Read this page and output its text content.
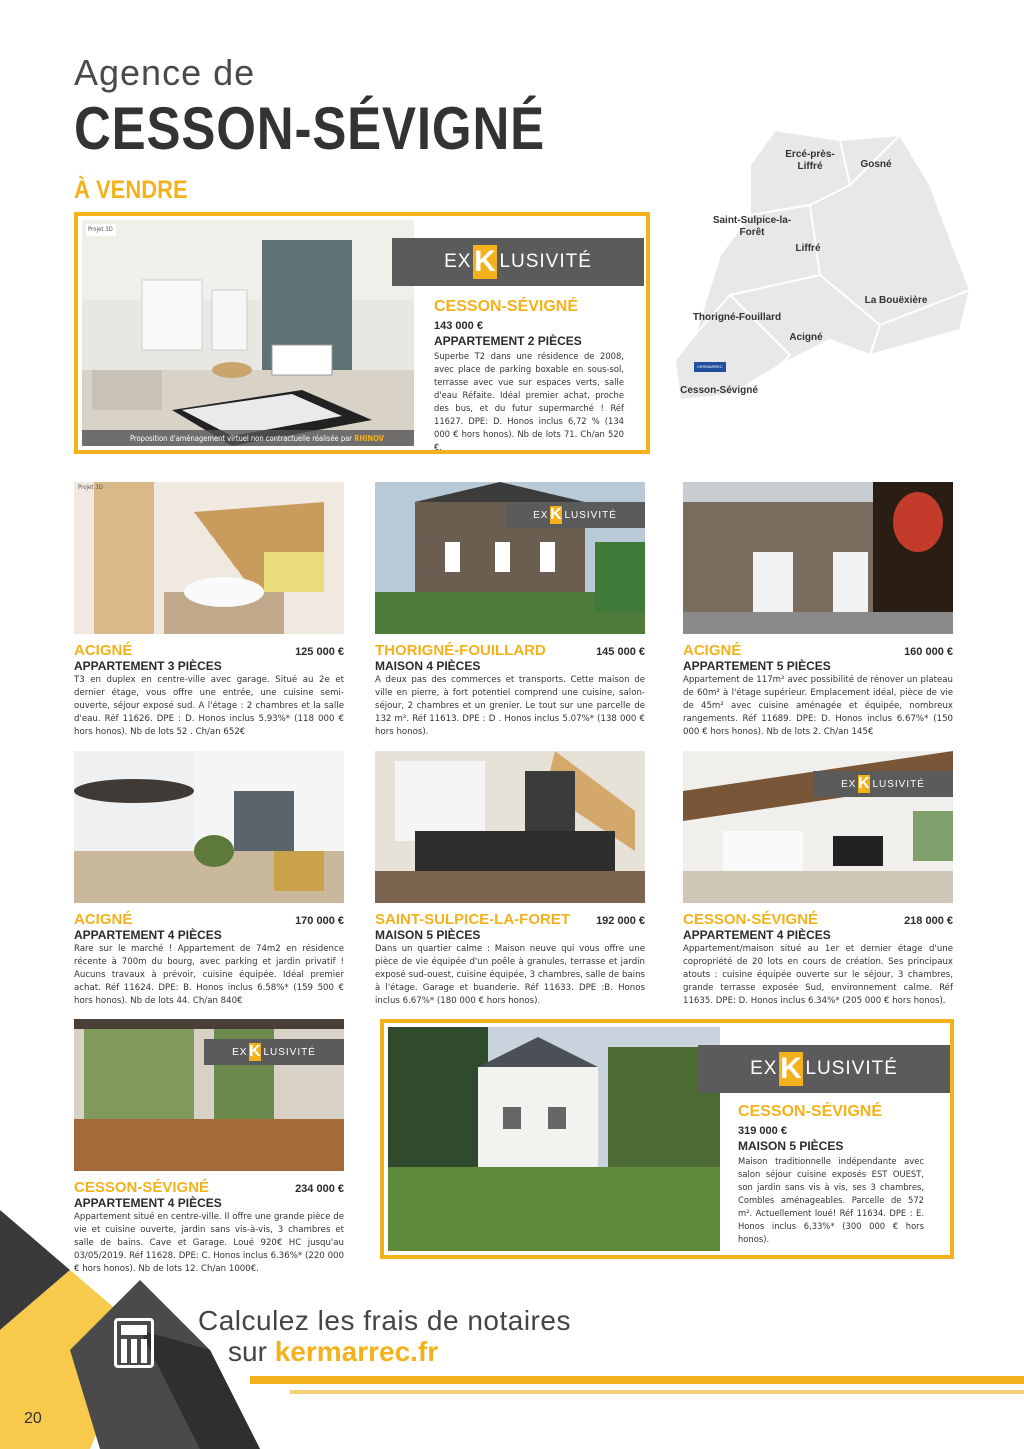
Agence de
CESSON-SÉVIGNÉ
À VENDRE
Projet 3D
Proposition d'aménagement virtuel non contractuelle réalisée par RHINOV
EX K LUSIVITÉ
CESSON-SÉVIGNÉ
143 000 €
APPARTEMENT 2 PIÈCES
Superbe T2 dans une résidence de 2008, avec place de parking boxable en sous-sol, terrasse avec vue sur espaces verts, salle d'eau Réfaite. Idéal premier achat, proche des bus, et du futur supermarché ! Réf 11627. DPE: D. Honos inclus 6,72 % (134 000 € hors honos). Nb de lots 71. Ch/an 520 €.
Ercé-près-Liffré	Gosné
Saint-Sulpice-la-Forêt
Liffré
La Bouëxière
Thorigné-Fouillard
Acigné
KERMARREC
Cesson-Sévigné
Projet 3D
ACIGNÉ	125 000 €
APPARTEMENT 3 PIÈCES
T3 en duplex en centre-ville avec garage. Situé au 2e et dernier étage, vous offre une entrée, une cuisine semi-ouverte, séjour exposé sud. A l'étage : 2 chambres et la salle d'eau. Réf 11626. DPE : D. Honos inclus 5.93%* (118 000 € hors honos). Nb de lots 52 . Ch/an 652€
EX K LUSIVITÉ
THORIGNÉ-FOUILLARD	145 000 €
MAISON 4 PIÈCES
A deux pas des commerces et transports. Cette maison de ville en pierre, à fort potentiel comprend une cuisine, salon-séjour, 2 chambres et un grenier. Le tout sur une parcelle de 132 m². Réf 11613. DPE : D . Honos inclus 5.07%* (138 000 € hors honos).
ACIGNÉ	160 000 €
APPARTEMENT 5 PIÈCES
Appartement de 117m² avec possibilité de rénover un plateau de 60m² à l'étage supérieur. Emplacement idéal, pièce de vie de 45m² avec cuisine aménagée et équipée, nombreux rangements. Réf 11689. DPE: D. Honos inclus 6.67%* (150 000 € hors honos). Nb de lots 2. Ch/an 145€
ACIGNÉ	170 000 €
APPARTEMENT 4 PIÈCES
Rare sur le marché ! Appartement de 74m2 en résidence récente à 700m du bourg, avec parking et jardin privatif ! Aucuns travaux à prévoir, cuisine équipée. Idéal premier achat. Réf 11624. DPE: B. Honos inclus 6.58%* (159 500 € hors honos). Nb de lots 44. Ch/an 840€
SAINT-SULPICE-LA-FORET 192 000 €
MAISON 5 PIÈCES
Dans un quartier calme : Maison neuve qui vous offre une pièce de vie équipée d'un poêle à granules, terrasse et jardin exposé sud-ouest, cuisine équipée, 3 chambres, salle de bains à l'étage. Garage et buanderie. Réf 11633. DPE :B. Honos inclus 6.67%* (180 000 € hors honos).
EX K LUSIVITÉ
CESSON-SÉVIGNÉ	218 000 €
APPARTEMENT 4 PIÈCES
Appartement/maison situé au 1er et dernier étage d'une copropriété de 20 lots en cours de création. Ses principaux atouts : cuisine équipée ouverte sur le séjour, 3 chambres, grande terrasse exposée Sud, environnement calme. Réf 11635. DPE: D. Honos inclus 6.34%* (205 000 € hors honos).
EX K LUSIVITÉ
CESSON-SÉVIGNÉ	234 000 €
APPARTEMENT 4 PIÈCES
Appartement situé en centre-ville. Il offre une grande pièce de vie et cuisine ouverte, jardin sans vis-à-vis, 3 chambres et salle de bains. Cave et Garage. Loué 920€ HC jusqu'au 03/05/2019. Réf 11628. DPE: C. Honos inclus 6.36%* (220 000 € hors honos). Nb de lots 12. Ch/an 1000€.
EX K LUSIVITÉ
CESSON-SÉVIGNÉ
319 000 €
MAISON 5 PIÈCES
Maison traditionnelle indépendante avec salon séjour cuisine exposés EST OUEST, son jardin sans vis à vis, ses 3 chambres, Combles aménageables. Parcelle de 572 m². Actuellement loué! Réf 11634. DPE : E. Honos inclus 6,33%* (300 000 € hors honos).
Calculez les frais de notaires
sur kermarrec.fr
20
